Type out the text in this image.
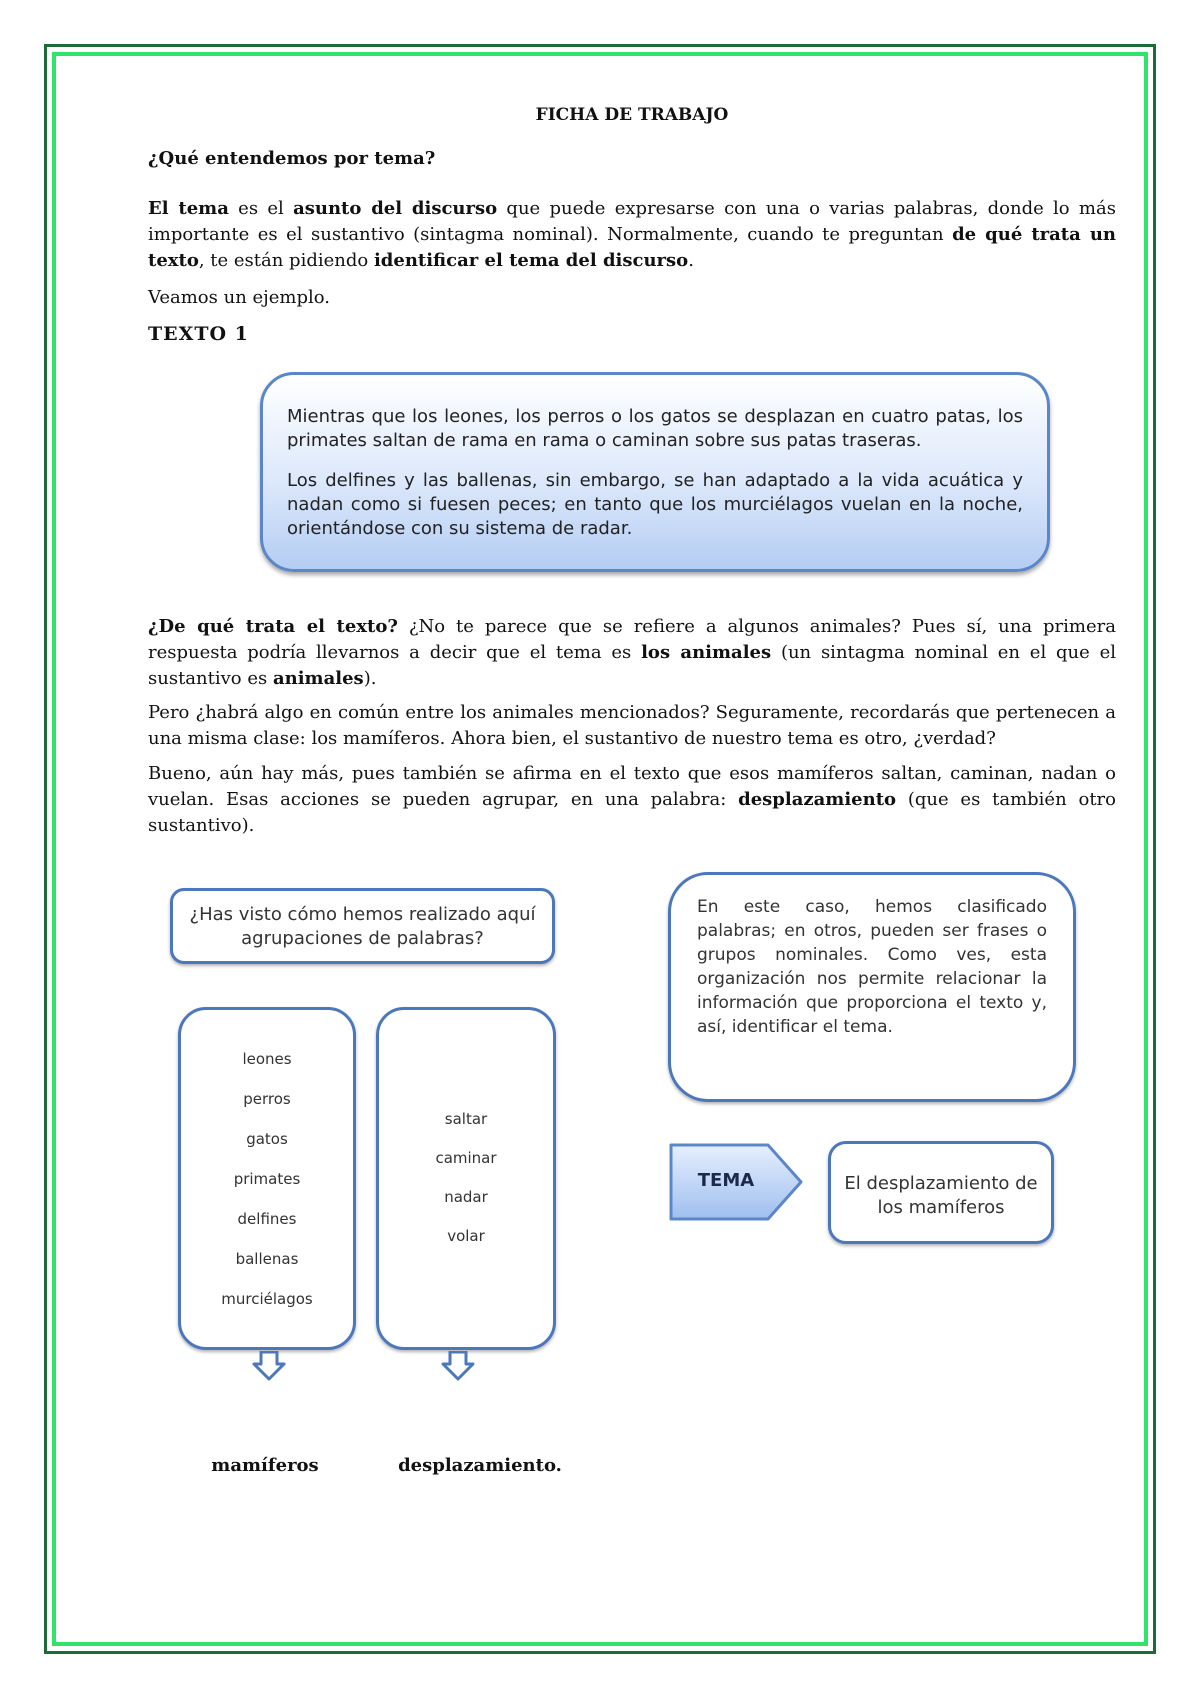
FICHA DE TRABAJO

¿Qué entendemos por tema?

El tema es el asunto del discurso que puede expresarse con una o varias palabras, donde lo más importante es el sustantivo (sintagma nominal). Normalmente, cuando te preguntan de qué trata un texto, te están pidiendo identificar el tema del discurso.

Veamos un ejemplo.

TEXTO 1

Mientras que los leones, los perros o los gatos se desplazan en cuatro patas, los primates saltan de rama en rama o caminan sobre sus patas traseras.

Los delfines y las ballenas, sin embargo, se han adaptado a la vida acuática y nadan como si fuesen peces; en tanto que los murciélagos vuelan en la noche, orientándose con su sistema de radar.

¿De qué trata el texto? ¿No te parece que se refiere a algunos animales? Pues sí, una primera respuesta podría llevarnos a decir que el tema es los animales (un sintagma nominal en el que el sustantivo es animales).

Pero ¿habrá algo en común entre los animales mencionados? Seguramente, recordarás que pertenecen a una misma clase: los mamíferos. Ahora bien, el sustantivo de nuestro tema es otro, ¿verdad?

Bueno, aún hay más, pues también se afirma en el texto que esos mamíferos saltan, caminan, nadan o vuelan. Esas acciones se pueden agrupar, en una palabra: desplazamiento (que es también otro sustantivo).

¿Has visto cómo hemos realizado aquí agrupaciones de palabras?
leones
perros
gatos
primates
delfines
ballenas
murciélagos
saltar
caminar
nadar
volar
mamíferos	desplazamiento.
En este caso, hemos clasificado palabras; en otros, pueden ser frases o grupos nominales. Como ves, esta organización nos permite relacionar la información que proporciona el texto y, así, identificar el tema.
TEMA	El desplazamiento de los mamíferos
